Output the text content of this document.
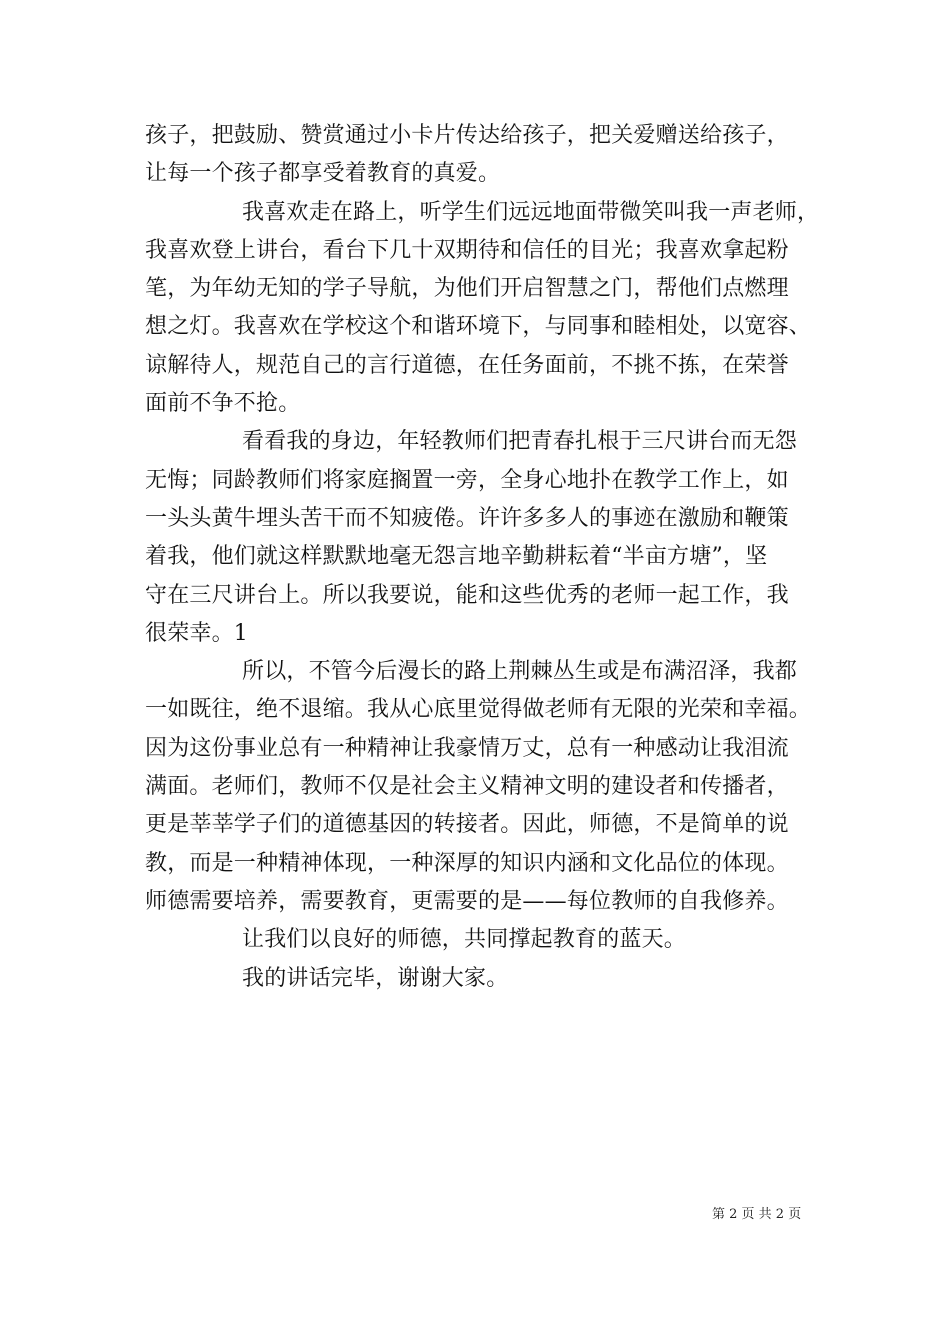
孩子，把鼓励、赞赏通过小卡片传达给孩子，把关爱赠送给孩子，
让每一个孩子都享受着教育的真爱。
我喜欢走在路上，听学生们远远地面带微笑叫我一声老师，
我喜欢登上讲台，看台下几十双期待和信任的目光；我喜欢拿起粉
笔，为年幼无知的学子导航，为他们开启智慧之门，帮他们点燃理
想之灯。我喜欢在学校这个和谐环境下，与同事和睦相处，以宽容、
谅解待人，规范自己的言行道德，在任务面前，不挑不拣，在荣誉
面前不争不抢。
看看我的身边，年轻教师们把青春扎根于三尺讲台而无怨
无悔；同龄教师们将家庭搁置一旁，全身心地扑在教学工作上，如
一头头黄牛埋头苦干而不知疲倦。许许多多人的事迹在激励和鞭策
着我，他们就这样默默地毫无怨言地辛勤耕耘着“半亩方塘”，坚
守在三尺讲台上。所以我要说，能和这些优秀的老师一起工作，我
很荣幸。1
所以，不管今后漫长的路上荆棘丛生或是布满沼泽，我都
一如既往，绝不退缩。我从心底里觉得做老师有无限的光荣和幸福。
因为这份事业总有一种精神让我豪情万丈，总有一种感动让我泪流
满面。老师们，教师不仅是社会主义精神文明的建设者和传播者，
更是莘莘学子们的道德基因的转接者。因此，师德，不是简单的说
教，而是一种精神体现，一种深厚的知识内涵和文化品位的体现。
师德需要培养，需要教育，更需要的是——每位教师的自我修养。
让我们以良好的师德，共同撑起教育的蓝天。
我的讲话完毕，谢谢大家。
第 2 页 共 2 页
